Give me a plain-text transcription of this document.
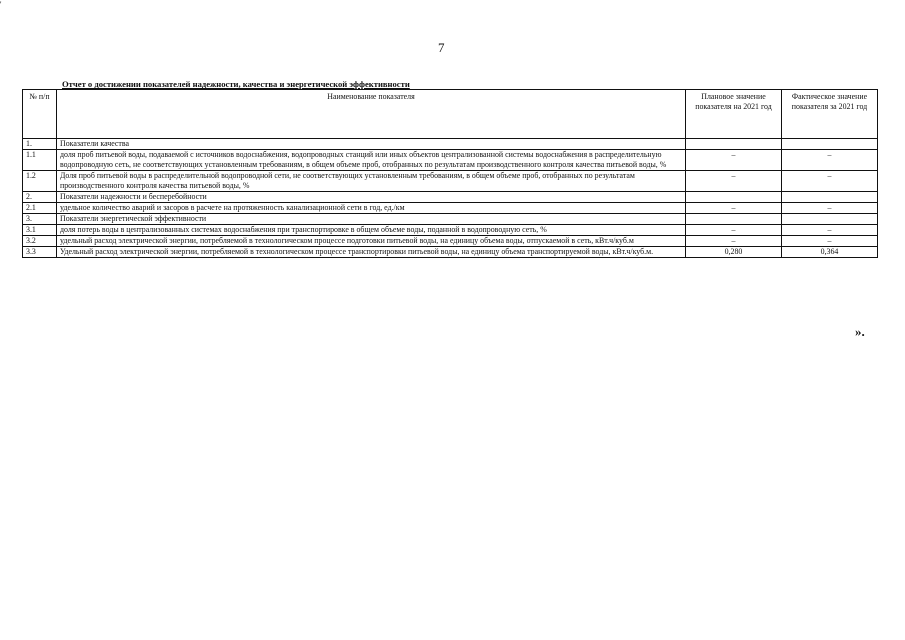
'
7
Отчет о достижении показателей надежности, качества и энергетической эффективности
№ п/п	Наименование показателя	Плановое значение показателя на 2021 год	Фактическое значение показателя за 2021 год
1.	Показатели качества		
1.1	доля проб питьевой воды, подаваемой с источников водоснабжения, водопроводных станций или иных объектов централизованной системы водоснабжения в распределительную водопроводную сеть, не соответствующих установленным требованиям, в общем объеме проб, отобранных по результатам производственного контроля качества питьевой воды, %	–	–
1.2	Доля проб питьевой воды в распределительной водопроводной сети, не соответствующих установленным требованиям, в общем объеме проб, отобранных по результатам производственного контроля качества питьевой воды, %	–	–
2.	Показатели надежности и бесперебойности		
2.1	удельное количество аварий и засоров в расчете на протяженность канализационной сети в год, ед./км	–	–
3.	Показатели энергетической эффективности		
3.1	доля потерь воды в централизованных системах водоснабжения при транспортировке в общем объеме воды, поданной в водопроводную сеть, %	–	–
3.2	удельный расход электрической энергии, потребляемой в технологическом процессе подготовки питьевой воды, на единицу объема воды, отпускаемой в сеть, кВт.ч/куб.м	–	–
3.3	Удельный расход электрической энергии, потребляемой в технологическом процессе транспортировки питьевой воды, на единицу объема транспортируемой воды, кВт.ч/куб.м.	0,280	0,364
».
